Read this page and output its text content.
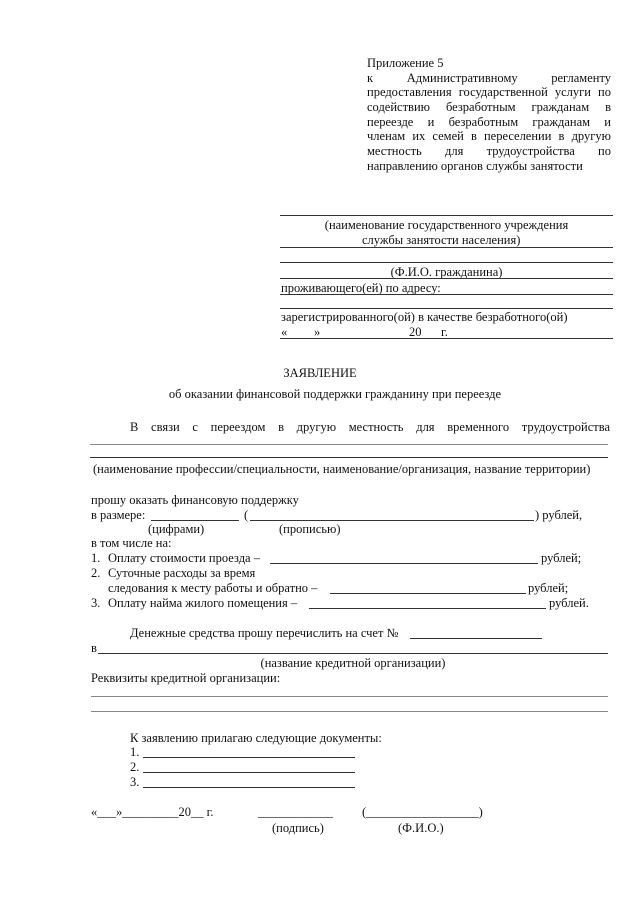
Приложение 5
к Административному регламенту
предоставления государственной услуги по
содействию безработным гражданам в
переезде и безработным гражданам и
членам их семей в переселении в другую
местность для трудоустройства по
направлению органов службы занятости
(наименование государственного учреждения
службы занятости населения)
(Ф.И.О. гражданина)
проживающего(ей) по адресу:
зарегистрированного(ой) в качестве безработного(ой)
« »	20 г.
ЗАЯВЛЕНИЕ
об оказании финансовой поддержки гражданину при переезде
В связи с переездом в другую местность для временного трудоустройства
(наименование профессии/специальности, наименование/организация, название территории)
прошу оказать финансовую поддержку
в размере:	(	) рублей,
(цифрами)	(прописью)
в том числе на:
1. Оплату стоимости проезда –	рублей;
2. Суточные расходы за время
следования к месту работы и обратно –	рублей;
3. Оплату найма жилого помещения –	рублей.
Денежные средства прошу перечислить на счет №
в
(название кредитной организации)
Реквизиты кредитной организации:
К заявлению прилагаю следующие документы:
1.
2.
3.
«___»_________20__ г.	____________ (__________________)
(подпись)	(Ф.И.О.)
